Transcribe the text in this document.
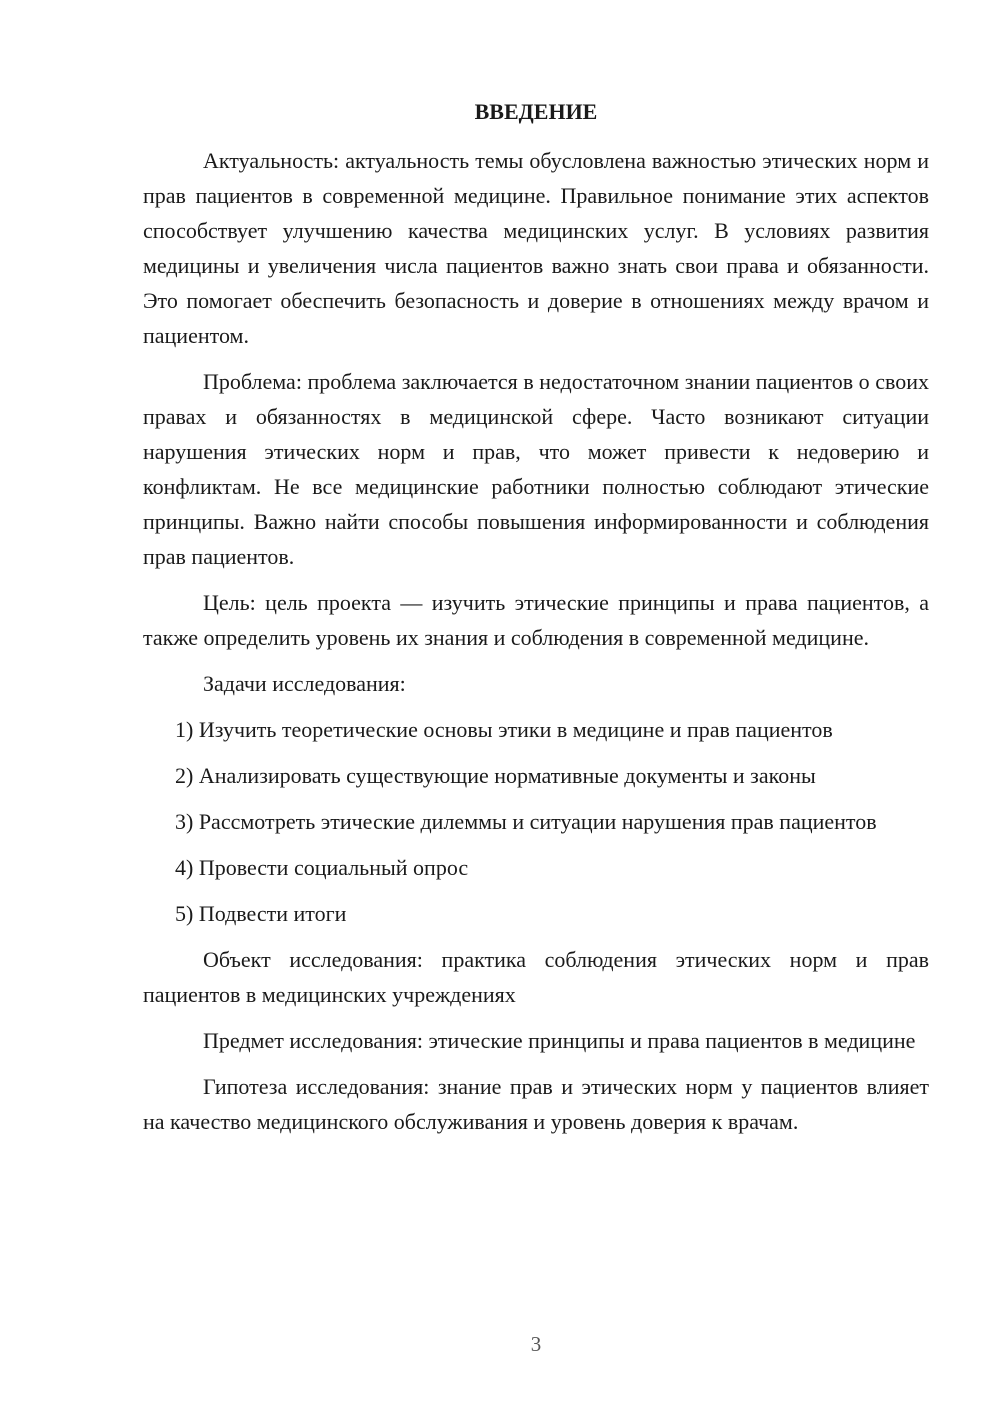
ВВЕДЕНИЕ

Актуальность: актуальность темы обусловлена важностью этических норм и прав пациентов в современной медицине. Правильное понимание этих аспектов способствует улучшению качества медицинских услуг. В условиях развития медицины и увеличения числа пациентов важно знать свои права и обязанности. Это помогает обеспечить безопасность и доверие в отношениях между врачом и пациентом.

Проблема: проблема заключается в недостаточном знании пациентов о своих правах и обязанностях в медицинской сфере. Часто возникают ситуации нарушения этических норм и прав, что может привести к недоверию и конфликтам. Не все медицинские работники полностью соблюдают этические принципы. Важно найти способы повышения информированности и соблюдения прав пациентов.

Цель: цель проекта — изучить этические принципы и права пациентов, а также определить уровень их знания и соблюдения в современной медицине.

Задачи исследования:

1) Изучить теоретические основы этики в медицине и прав пациентов

2) Анализировать существующие нормативные документы и законы

3) Рассмотреть этические дилеммы и ситуации нарушения прав пациентов

4) Провести социальный опрос

5) Подвести итоги

Объект исследования: практика соблюдения этических норм и прав пациентов в медицинских учреждениях

Предмет исследования: этические принципы и права пациентов в медицине

Гипотеза исследования: знание прав и этических норм у пациентов влияет на качество медицинского обслуживания и уровень доверия к врачам.

3
